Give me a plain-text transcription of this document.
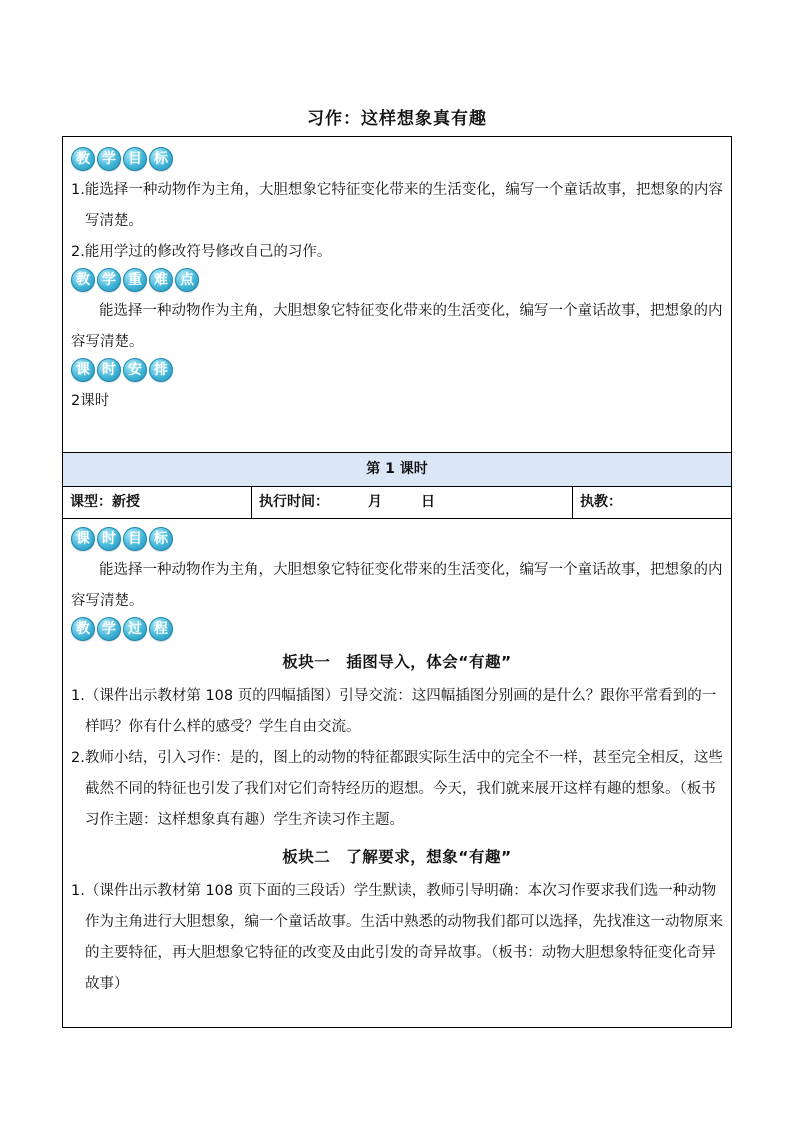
习作：这样想象真有趣
教 学 目 标

1.能选择一种动物作为主角，大胆想象它特征变化带来的生活变化，编写一个童话故事，把想象的内容写清楚。

2.能用学过的修改符号修改自己的习作。

教 学 重 难 点

能选择一种动物作为主角，大胆想象它特征变化带来的生活变化，编写一个童话故事，把想象的内容写清楚。

课 时 安 排

2课时

第 1 课时
课型：新授	执行时间：        月        日	执教：
课 时 目 标

能选择一种动物作为主角，大胆想象它特征变化带来的生活变化，编写一个童话故事，把想象的内容写清楚。

教 学 过 程
板块一　插图导入，体会“有趣”

1.（课件出示教材第 108 页的四幅插图）引导交流：这四幅插图分别画的是什么？跟你平常看到的一样吗？你有什么样的感受？学生自由交流。

2.教师小结，引入习作：是的，图上的动物的特征都跟实际生活中的完全不一样，甚至完全相反，这些截然不同的特征也引发了我们对它们奇特经历的遐想。今天，我们就来展开这样有趣的想象。（板书习作主题：这样想象真有趣）学生齐读习作主题。

板块二　了解要求，想象“有趣”

1.（课件出示教材第 108 页下面的三段话）学生默读，教师引导明确：本次习作要求我们选一种动物作为主角进行大胆想象，编一个童话故事。生活中熟悉的动物我们都可以选择，先找准这一动物原来的主要特征，再大胆想象它特征的改变及由此引发的奇异故事。（板书：动物大胆想象特征变化奇异故事）
